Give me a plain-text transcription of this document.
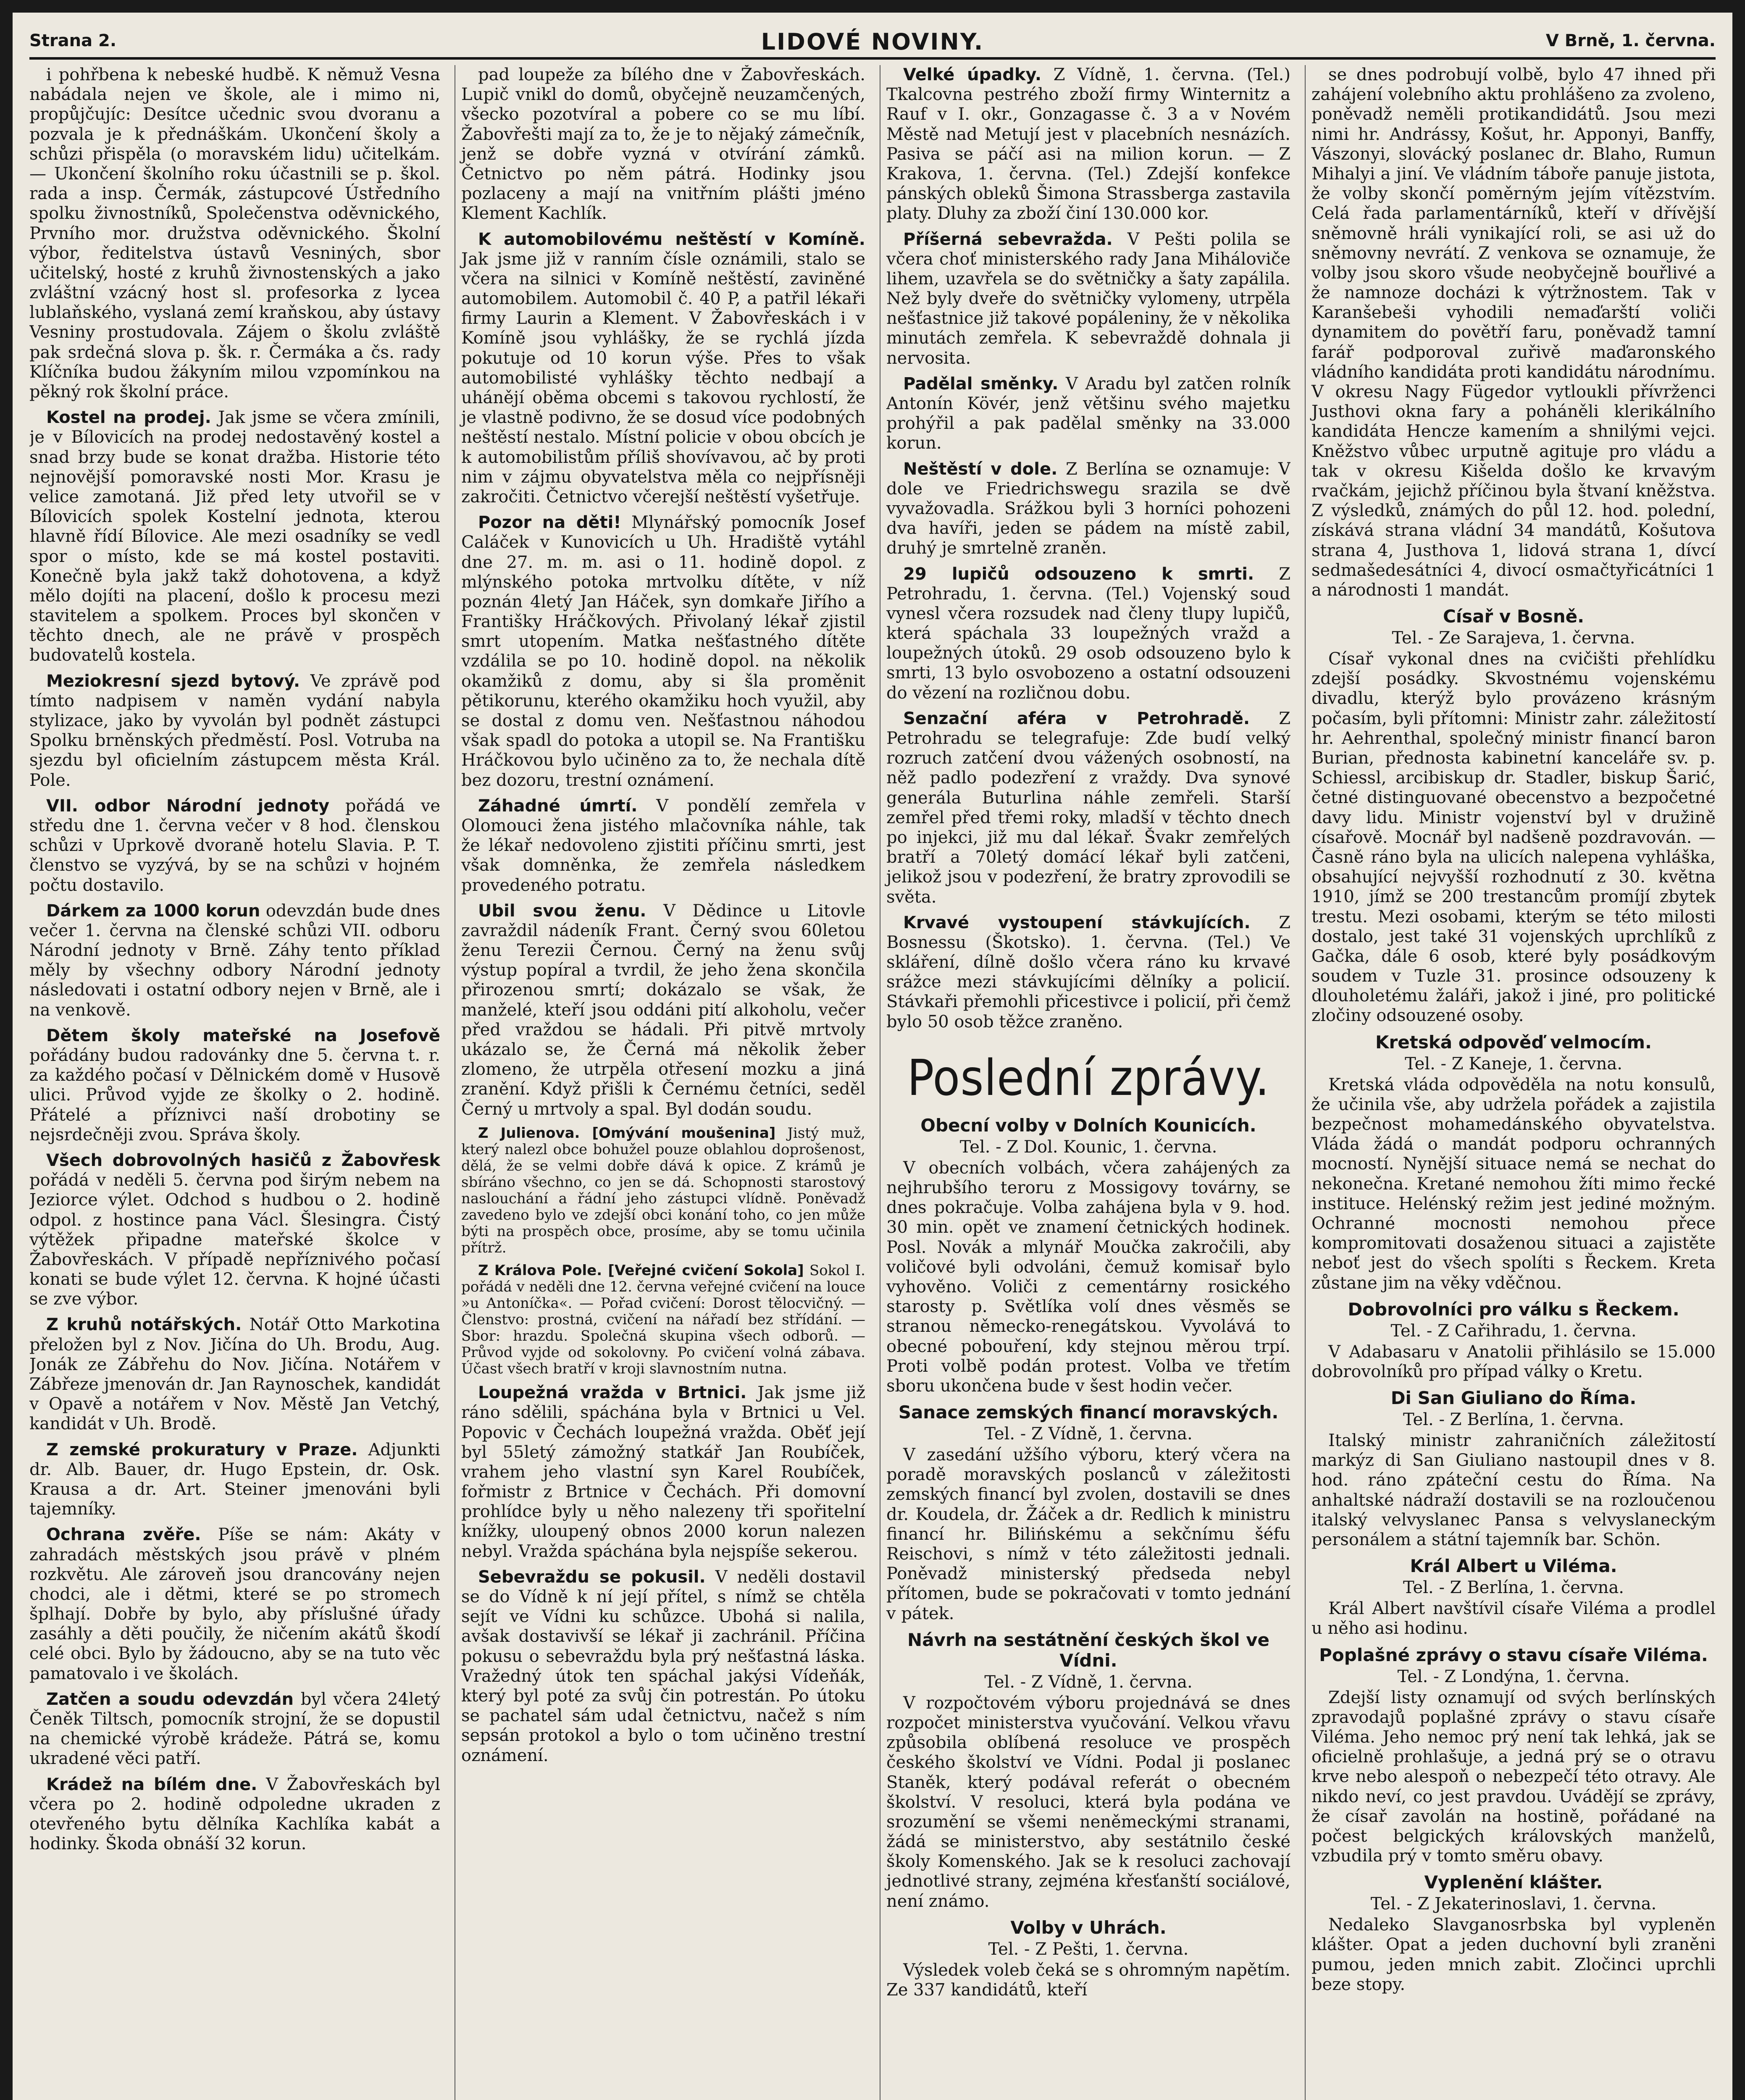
Strana 2.	LIDOVÉ NOVINY.	V Brně, 1. června.

i pohřbena k nebeské hudbě. K němuž Vesna nabádala nejen ve škole, ale i mimo ni, propůjčujíc: Desítce učednic svou dvoranu a pozvala je k přednáškám. Ukončení školy a schůzi přispěla (o moravském lidu) učitelkám. — Ukončení školního roku účastnili se p. škol. rada a insp. Čermák, zástupcové Ústředního spolku živnostníků, Společenstva oděvnického, Prvního mor. družstva oděvnického. Školní výbor, ředitelstva ústavů Vesniných, sbor učitelský, hosté z kruhů živnostenských a jako zvláštní vzácný host sl. profesorka z lycea lublaňského, vyslaná zemí kraňskou, aby ústavy Vesniny prostudovala. Zájem o školu zvláště pak srdečná slova p. šk. r. Čermáka a čs. rady Klíčníka budou žákyním milou vzpomínkou na pěkný rok školní práce.

Kostel na prodej. Jak jsme se včera zmínili, je v Bílovicích na prodej nedostavěný kostel a snad brzy bude se konat dražba. Historie této nejnovější pomoravské nosti Mor. Krasu je velice zamotaná. Již před lety utvořil se v Bílovicích spolek Kostelní jednota, kterou hlavně řídí Bílovice. Ale mezi osadníky se vedl spor o místo, kde se má kostel postaviti. Konečně byla jakž takž dohotovena, a když mělo dojíti na placení, došlo k procesu mezi stavitelem a spolkem. Proces byl skončen v těchto dnech, ale ne právě v prospěch budovatelů kostela.

Meziokresní sjezd bytový. Ve zprávě pod tímto nadpisem v naměn vydání nabyla stylizace, jako by vyvolán byl podnět zástupci Spolku brněnských předměstí. Posl. Votruba na sjezdu byl oficielním zástupcem města Král. Pole.

VII. odbor Národní jednoty pořádá ve středu dne 1. června večer v 8 hod. členskou schůzi v Uprkově dvoraně hotelu Slavia. P. T. členstvo se vyzývá, by se na schůzi v hojném počtu dostavilo.

Dárkem za 1000 korun odevzdán bude dnes večer 1. června na členské schůzi VII. odboru Národní jednoty v Brně. Záhy tento příklad měly by všechny odbory Národní jednoty následovati i ostatní odbory nejen v Brně, ale i na venkově.

Dětem školy mateřské na Josefově pořádány budou radovánky dne 5. června t. r. za každého počasí v Dělnickém domě v Husově ulici. Průvod vyjde ze školky o 2. hodině. Přátelé a příznivci naší drobotiny se nejsrdečněji zvou. Správa školy.

Všech dobrovolných hasičů z Žabovřesk pořádá v neděli 5. června pod širým nebem na Jeziorce výlet. Odchod s hudbou o 2. hodině odpol. z hostince pana Václ. Šlesingra. Čistý výtěžek připadne mateřské školce v Žabovřeskách. V případě nepříznivého počasí konati se bude výlet 12. června. K hojné účasti se zve výbor.

Z kruhů notářských. Notář Otto Markotina přeložen byl z Nov. Jičína do Uh. Brodu, Aug. Jonák ze Zábřehu do Nov. Jičína. Notářem v Zábřeze jmenován dr. Jan Raynoschek, kandidát v Opavě a notářem v Nov. Městě Jan Vetchý, kandidát v Uh. Brodě.

Z zemské prokuratury v Praze. Adjunkti dr. Alb. Bauer, dr. Hugo Epstein, dr. Osk. Krausa a dr. Art. Steiner jmenováni byli tajemníky.

Ochrana zvěře. Píše se nám: Akáty v zahradách městských jsou právě v plném rozkvětu. Ale zároveň jsou drancovány nejen chodci, ale i dětmi, které se po stromech šplhají. Dobře by bylo, aby příslušné úřady zasáhly a děti poučily, že ničením akátů škodí celé obci. Bylo by žádoucno, aby se na tuto věc pamatovalo i ve školách.

Zatčen a soudu odevzdán byl včera 24letý Čeněk Tiltsch, pomocník strojní, že se dopustil na chemické výrobě krádeže. Pátrá se, komu ukradené věci patří.

Krádež na bílém dne. V Žabovřeskách byl včera po 2. hodině odpoledne ukraden z otevřeného bytu dělníka Kachlíka kabát a hodinky. Škoda obnáší 32 korun.

pad loupeže za bílého dne v Žabovřeskách. Lupič vnikl do domů, obyčejně neuzamčených, všecko pozotvíral a pobere co se mu líbí. Žabovřešti mají za to, že je to nějaký zámečník, jenž se dobře vyzná v otvírání zámků. Četnictvo po něm pátrá. Hodinky jsou pozlaceny a mají na vnitřním plášti jméno Klement Kachlík.

K automobilovému neštěstí v Komíně. Jak jsme již v ranním čísle oznámili, stalo se včera na silnici v Komíně neštěstí, zaviněné automobilem. Automobil č. 40 P, a patřil lékaři firmy Laurin a Klement. V Žabovřeskách i v Komíně jsou vyhlášky, že se rychlá jízda pokutuje od 10 korun výše. Přes to však automobilisté vyhlášky těchto nedbají a uhánějí oběma obcemi s takovou rychlostí, že je vlastně podivno, že se dosud více podobných neštěstí nestalo. Místní policie v obou obcích je k automobilistům příliš shovívavou, ač by proti nim v zájmu obyvatelstva měla co nejpřísněji zakročiti. Četnictvo včerejší neštěstí vyšetřuje.

Pozor na děti! Mlynářský pomocník Josef Caláček v Kunovicích u Uh. Hradiště vytáhl dne 27. m. m. asi o 11. hodině dopol. z mlýnského potoka mrtvolku dítěte, v níž poznán 4letý Jan Háček, syn domkaře Jiřího a Františky Hráčkových. Přivolaný lékař zjistil smrt utopením. Matka nešťastného dítěte vzdálila se po 10. hodině dopol. na několik okamžiků z domu, aby si šla proměnit pětikorunu, kterého okamžiku hoch využil, aby se dostal z domu ven. Nešťastnou náhodou však spadl do potoka a utopil se. Na Františku Hráčkovou bylo učiněno za to, že nechala dítě bez dozoru, trestní oznámení.

Záhadné úmrtí. V pondělí zemřela v Olomouci žena jistého mlačovníka náhle, tak že lékař nedovoleno zjistiti příčinu smrti, jest však domněnka, že zemřela následkem provedeného potratu.

Ubil svou ženu. V Dědince u Litovle zavraždil nádeník Frant. Černý svou 60letou ženu Terezii Černou. Černý na ženu svůj výstup popíral a tvrdil, že jeho žena skončila přirozenou smrtí; dokázalo se však, že manželé, kteří jsou oddáni pití alkoholu, večer před vraždou se hádali. Při pitvě mrtvoly ukázalo se, že Černá má několik žeber zlomeno, že utrpěla otřesení mozku a jiná zranění. Když přišli k Černému četníci, seděl Černý u mrtvoly a spal. Byl dodán soudu.

Z Julienova. [Omývání moušenina] Jistý muž, který nalezl obce bohužel pouze oblahlou doprošenost, dělá, že se velmi dobře dává k opice. Z krámů je sbíráno všechno, co jen se dá. Schopnosti starostový naslouchání a řádní jeho zástupci vlídně. Poněvadž zavedeno bylo ve zdejší obci konání toho, co jen může býti na prospěch obce, prosíme, aby se tomu učinila přítrž.

Z Králova Pole. [Veřejné cvičení Sokola] Sokol I. pořádá v neděli dne 12. června veřejné cvičení na louce »u Antoníčka«. — Pořad cvičení: Dorost tělocvičný. — Členstvo: prostná, cvičení na nářadí bez střídání. — Sbor: hrazdu. Společná skupina všech odborů. — Průvod vyjde od sokolovny. Po cvičení volná zábava. Účast všech bratří v kroji slavnostním nutna.

Loupežná vražda v Brtnici. Jak jsme již ráno sdělili, spáchána byla v Brtnici u Vel. Popovic v Čechách loupežná vražda. Oběť její byl 55letý zámožný statkář Jan Roubíček, vrahem jeho vlastní syn Karel Roubíček, fořmistr z Brtnice v Čechách. Při domovní prohlídce byly u něho nalezeny tři spořitelní knížky, uloupený obnos 2000 korun nalezen nebyl. Vražda spáchána byla nejspíše sekerou.

Sebevraždu se pokusil. V neděli dostavil se do Vídně k ní její přítel, s nímž se chtěla sejít ve Vídni ku schůzce. Ubohá si nalila, avšak dostavivší se lékař ji zachránil. Příčina pokusu o sebevraždu byla prý nešťastná láska. Vražedný útok ten spáchal jakýsi Vídeňák, který byl poté za svůj čin potrestán. Po útoku se pachatel sám udal četnictvu, načež s ním sepsán protokol a bylo o tom učiněno trestní oznámení.

Velké úpadky. Z Vídně, 1. června. (Tel.) Tkalcovna pestrého zboží firmy Winternitz a Rauf v I. okr., Gonzagasse č. 3 a v Novém Městě nad Metují jest v placebních nesnázích. Pasiva se páčí asi na milion korun. — Z Krakova, 1. června. (Tel.) Zdejší konfekce pánských obleků Šimona Strassberga zastavila platy. Dluhy za zboží činí 130.000 kor.

Příšerná sebevražda. V Pešti polila se včera choť ministerského rady Jana Miháloviče lihem, uzavřela se do světničky a šaty zapálila. Než byly dveře do světničky vylomeny, utrpěla nešťastnice již takové popáleniny, že v několika minutách zemřela. K sebevraždě dohnala ji nervosita.

Padělal směnky. V Aradu byl zatčen rolník Antonín Kövér, jenž většinu svého majetku prohýřil a pak padělal směnky na 33.000 korun.

Neštěstí v dole. Z Berlína se oznamuje: V dole ve Friedrichswegu srazila se dvě vyvažovadla. Srážkou byli 3 horníci pohozeni dva havíři, jeden se pádem na místě zabil, druhý je smrtelně zraněn.

29 lupičů odsouzeno k smrti. Z Petrohradu, 1. června. (Tel.) Vojenský soud vynesl včera rozsudek nad členy tlupy lupičů, která spáchala 33 loupežných vražd a loupežných útoků. 29 osob odsouzeno bylo k smrti, 13 bylo osvobozeno a ostatní odsouzeni do vězení na rozličnou dobu.

Senzační aféra v Petrohradě. Z Petrohradu se telegrafuje: Zde budí velký rozruch zatčení dvou vážených osobností, na něž padlo podezření z vraždy. Dva synové generála Buturlina náhle zemřeli. Starší zemřel před třemi roky, mladší v těchto dnech po injekci, již mu dal lékař. Švakr zemřelých bratří a 70letý domácí lékař byli zatčeni, jelikož jsou v podezření, že bratry zprovodili se světa.

Krvavé vystoupení stávkujících. Z Bosnessu (Škotsko). 1. června. (Tel.) Ve skláření, dílně došlo včera ráno ku krvavé srážce mezi stávkujícími dělníky a policií. Stávkaři přemohli přicestivce i policií, při čemž bylo 50 osob těžce zraněno.

Poslední zprávy.
Obecní volby v Dolních Kounicích.
Tel. - Z Dol. Kounic, 1. června.

V obecních volbách, včera zahájených za nejhrubšího teroru z Mossigovy továrny, se dnes pokračuje. Volba zahájena byla v 9. hod. 30 min. opět ve znamení četnických hodinek. Posl. Novák a mlynář Moučka zakročili, aby voličové byli odvoláni, čemuž komisař bylo vyhověno. Voliči z cementárny rosického starosty p. Světlíka volí dnes věsměs se stranou německo-renegátskou. Vyvolává to obecné pobouření, kdy stejnou měrou trpí. Proti volbě podán protest. Volba ve třetím sboru ukončena bude v šest hodin večer.

Sanace zemských financí moravských.
Tel. - Z Vídně, 1. června.

V zasedání užšího výboru, který včera na poradě moravských poslanců v záležitosti zemských financí byl zvolen, dostavili se dnes dr. Koudela, dr. Žáček a dr. Redlich k ministru financí hr. Bilińskému a sekčnímu šéfu Reischovi, s nímž v této záležitosti jednali. Poněvadž ministerský předseda nebyl přítomen, bude se pokračovati v tomto jednání v pátek.

Návrh na sestátnění českých škol ve Vídni.
Tel. - Z Vídně, 1. června.

V rozpočtovém výboru projednává se dnes rozpočet ministerstva vyučování. Velkou vřavu způsobila oblíbená resoluce ve prospěch českého školství ve Vídni. Podal ji poslanec Staněk, který podával referát o obecném školství. V resoluci, která byla podána ve srozumění se všemi neněmeckými stranami, žádá se ministerstvo, aby sestátnilo české školy Komenského. Jak se k resoluci zachovají jednotlivé strany, zejména křesťanští sociálové, není známo.

Volby v Uhrách.
Tel. - Z Pešti, 1. června.

Výsledek voleb čeká se s ohromným napětím. Ze 337 kandidátů, kteří

se dnes podrobují volbě, bylo 47 ihned při zahájení volebního aktu prohlášeno za zvoleno, poněvadž neměli protikandidátů. Jsou mezi nimi hr. Andrássy, Košut, hr. Apponyi, Banffy, Vászonyi, slovácký poslanec dr. Blaho, Rumun Mihalyi a jiní. Ve vládním táboře panuje jistota, že volby skončí poměrným jejím vítězstvím. Celá řada parlamentárníků, kteří v dřívější sněmovně hráli vynikající roli, se asi už do sněmovny nevrátí. Z venkova se oznamuje, že volby jsou skoro všude neobyčejně bouřlivé a že namnoze docházi k výtržnostem. Tak v Karanšebeši vyhodili nemaďarští voliči dynamitem do povětří faru, poněvadž tamní farář podporoval zuřivě maďaronského vládního kandidáta proti kandidátu národnímu. V okresu Nagy Fügedor vytloukli přívrženci Justhovi okna fary a poháněli klerikálního kandidáta Hencze kamením a shnilými vejci. Kněžstvo vůbec urputně agituje pro vládu a tak v okresu Kišelda došlo ke krvavým rvačkám, jejichž příčinou byla štvaní kněžstva. Z výsledků, známých do půl 12. hod. polední, získává strana vládní 34 mandátů, Košutova strana 4, Justhova 1, lidová strana 1, dívcí sedmašedesátníci 4, divocí osmačtyřicátníci 1 a národnosti 1 mandát.

Císař v Bosně.
Tel. - Ze Sarajeva, 1. června.

Císař vykonal dnes na cvičišti přehlídku zdejší posádky. Skvostnému vojenskému divadlu, kterýž bylo provázeno krásným počasím, byli přítomni: Ministr zahr. záležitostí hr. Aehrenthal, společný ministr financí baron Burian, přednosta kabinetní kanceláře sv. p. Schiessl, arcibiskup dr. Stadler, biskup Šarić, četné distinguované obecenstvo a bezpočetné davy lidu. Ministr vojenství byl v družině císařově. Mocnář byl nadšeně pozdravován. — Časně ráno byla na ulicích nalepena vyhláška, obsahující nejvyšší rozhodnutí z 30. května 1910, jímž se 200 trestancům promíjí zbytek trestu. Mezi osobami, kterým se této milosti dostalo, jest také 31 vojenských uprchlíků z Gačka, dále 6 osob, které byly posádkovým soudem v Tuzle 31. prosince odsouzeny k dlouholetému žaláři, jakož i jiné, pro politické zločiny odsouzené osoby.

Kretská odpověď velmocím.
Tel. - Z Kaneje, 1. června.

Kretská vláda odpověděla na notu konsulů, že učinila vše, aby udržela pořádek a zajistila bezpečnost mohamedánského obyvatelstva. Vláda žádá o mandát podporu ochranných mocností. Nynější situace nemá se nechat do nekonečna. Kretané nemohou žíti mimo řecké instituce. Helénský režim jest jediné možným. Ochranné mocnosti nemohou přece kompromitovati dosaženou situaci a zajistěte neboť jest do všech spolíti s Řeckem. Kreta zůstane jim na věky vděčnou.

Dobrovolníci pro válku s Řeckem.
Tel. - Z Cařihradu, 1. června.

V Adabasaru v Anatolii přihlásilo se 15.000 dobrovolníků pro případ války o Kretu.

Di San Giuliano do Říma.
Tel. - Z Berlína, 1. června.

Italský ministr zahraničních záležitostí markýz di San Giuliano nastoupil dnes v 8. hod. ráno zpáteční cestu do Říma. Na anhaltské nádraží dostavili se na rozloučenou italský velvyslanec Pansa s velvyslaneckým personálem a státní tajemník bar. Schön.

Král Albert u Viléma.
Tel. - Z Berlína, 1. června.

Král Albert navštívil císaře Viléma a prodlel u něho asi hodinu.

Poplašné zprávy o stavu císaře Viléma.
Tel. - Z Londýna, 1. června.

Zdejší listy oznamují od svých berlínských zpravodajů poplašné zprávy o stavu císaře Viléma. Jeho nemoc prý není tak lehká, jak se oficielně prohlašuje, a jedná prý se o otravu krve nebo alespoň o nebezpečí této otravy. Ale nikdo neví, co jest pravdou. Uvádějí se zprávy, že císař zavolán na hostině, pořádané na počest belgických královských manželů, vzbudila prý v tomto směru obavy.

Vyplenění klášter.
Tel. - Z Jekaterinoslavi, 1. června.

Nedaleko Slavganosrbska byl vypleněn klášter. Opat a jeden duchovní byli zraněni pumou, jeden mnich zabit. Zločinci uprchli beze stopy.
